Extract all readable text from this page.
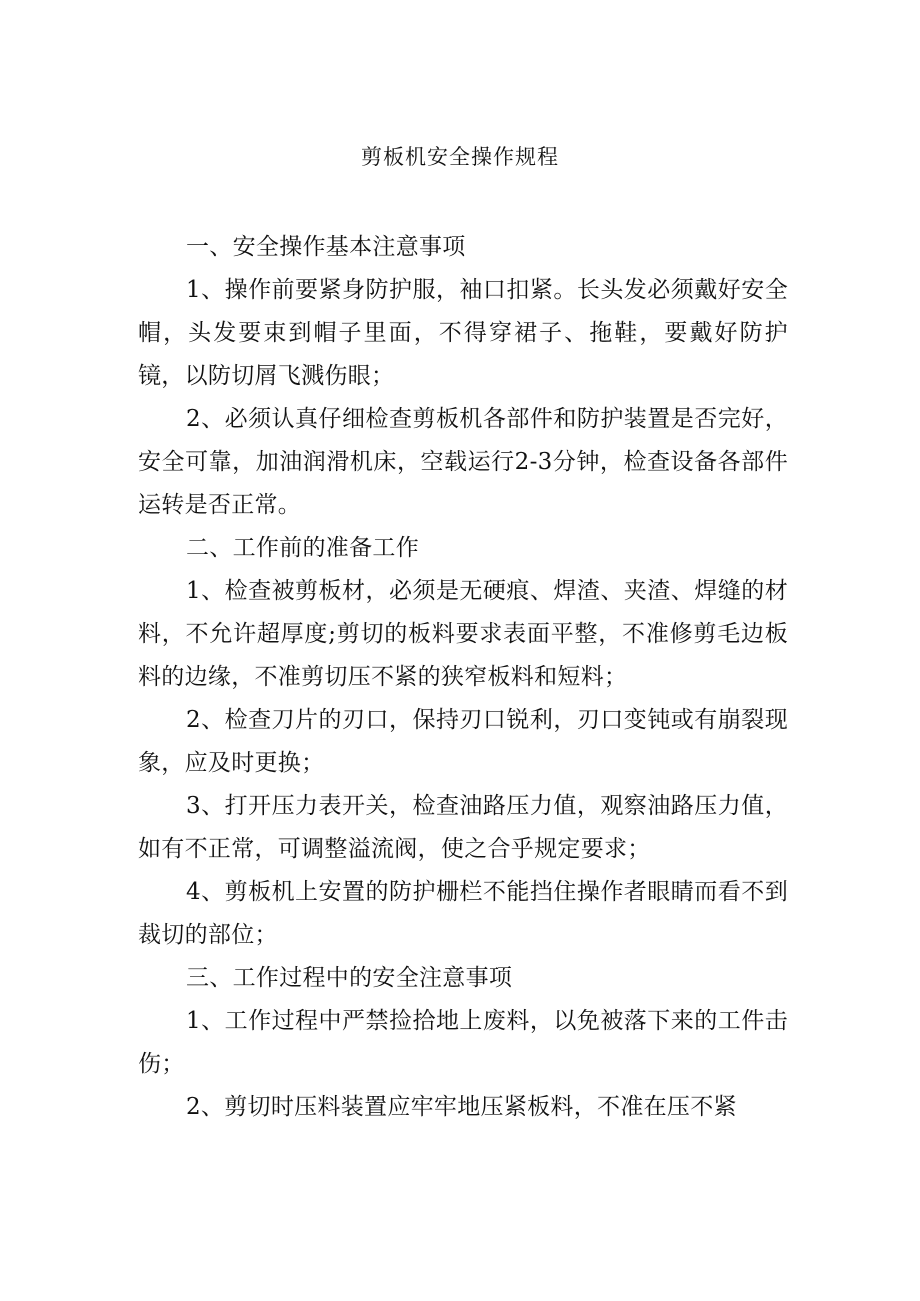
剪板机安全操作规程

一、安全操作基本注意事项

1、操作前要紧身防护服，袖口扣紧。长头发必须戴好安全帽，头发要束到帽子里面，不得穿裙子、拖鞋，要戴好防护镜，以防切屑飞溅伤眼；

2、必须认真仔细检查剪板机各部件和防护装置是否完好，安全可靠，加油润滑机床，空载运行2-3分钟，检查设备各部件运转是否正常。

二、工作前的准备工作

1、检查被剪板材，必须是无硬痕、焊渣、夹渣、焊缝的材料，不允许超厚度;剪切的板料要求表面平整，不准修剪毛边板料的边缘，不准剪切压不紧的狭窄板料和短料；

2、检查刀片的刃口，保持刃口锐利，刃口变钝或有崩裂现象，应及时更换；

3、打开压力表开关，检查油路压力值，观察油路压力值，如有不正常，可调整溢流阀，使之合乎规定要求；

4、剪板机上安置的防护栅栏不能挡住操作者眼睛而看不到裁切的部位；

三、工作过程中的安全注意事项

1、工作过程中严禁捡拾地上废料，以免被落下来的工件击伤；

2、剪切时压料装置应牢牢地压紧板料，不准在压不紧
